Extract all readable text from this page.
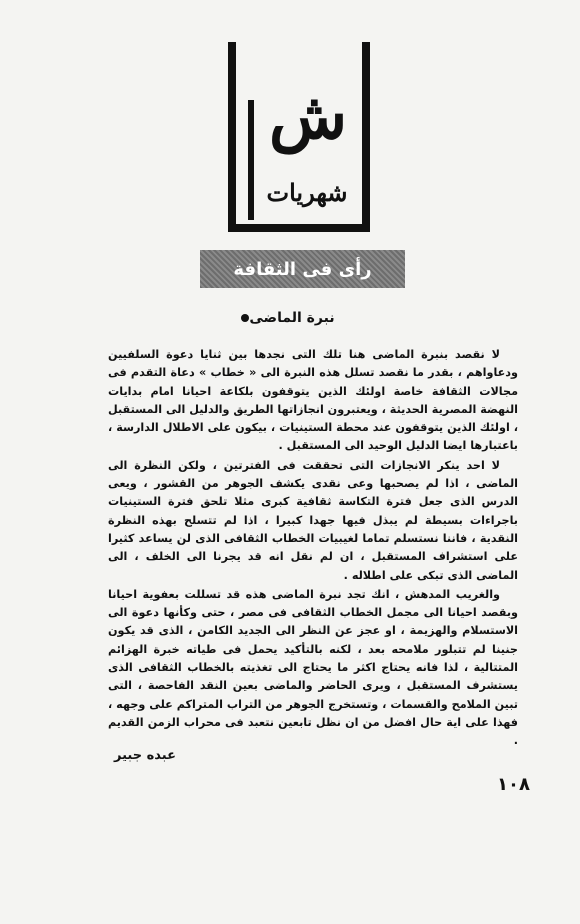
ش
شهريات
رأى فى الثقافة
نبرة الماضى

لا نقصد بنبرة الماضى هنا تلك التى نجدها بين ثنايا دعوة السلفيين ودعاواهم ، بقدر ما نقصد تسلل هذه النبرة الى « خطاب » دعاة التقدم فى مجالات الثقافة خاصة اولئك الذين يتوقفون بلكاعة احيانا امام بدايات النهضة المصرية الحديثة ، ويعتبرون انجازاتها الطريق والدليل الى المستقبل ، اولئك الذين يتوقفون عند محطة الستينيات ، بيكون على الاطلال الدارسة ، باعتبارها ايضا الدليل الوحيد الى المستقبل .

لا احد ينكر الانجازات التى تحققت فى الفترتين ، ولكن النظرة الى الماضى ، اذا لم يصحبها وعى نقدى يكشف الجوهر من القشور ، ويعى الدرس الذى جعل فترة التكاسة ثقافية كبرى مثلا تلحق فترة الستينيات باجراءات بسيطة لم يبذل فيها جهدا كبيرا ، اذا لم تتسلح بهذه النظرة النقدية ، فاننا نستسلم تماما لغيبيات الخطاب الثقافى الذى لن يساعد كثيرا على استشراف المستقبل ، ان لم نقل انه قد يجرنا الى الخلف ، الى الماضى الذى تبكى على اطلاله .

والغريب المدهش ، انك تجد نبرة الماضى هذه قد تسللت بعفوية احيانا وبقصد احيانا الى مجمل الخطاب الثقافى فى مصر ، حتى وكأنها دعوة الى الاستسلام والهزيمة ، او عجز عن النظر الى الجديد الكامن ، الذى قد يكون جنينا لم تتبلور ملامحه بعد ، لكنه بالتأكيد يحمل فى طياته خبرة الهزائم المتتالية ، لذا فانه يحتاج اكثر ما يحتاج الى تغذيته بالخطاب الثقافى الذى يستشرف المستقبل ، ويرى الحاضر والماضى بعين النقد الفاحصة ، التى تبين الملامح والقسمات ، وتستخرج الجوهر من التراب المتراكم على وجهه ، فهذا على اية حال افضل من ان نظل تابعين نتعبد فى محراب الزمن القديم .

عبده جبير
١٠٨
